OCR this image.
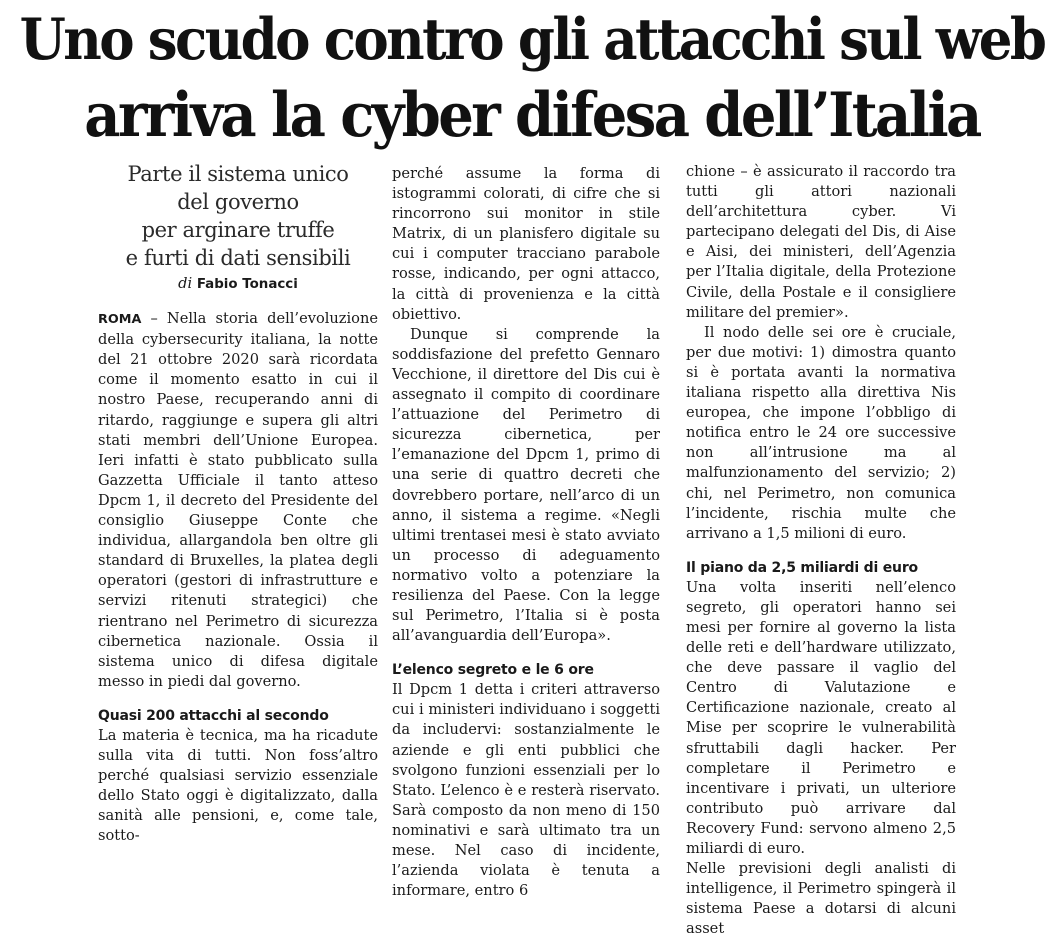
Uno scudo contro gli attacchi sul web
arriva la cyber difesa dell’Italia
Parte il sistema unico
del governo
per arginare truffe
e furti di dati sensibili
di Fabio Tonacci

ROMA – Nella storia dell’evoluzione della cybersecurity italiana, la notte del 21 ottobre 2020 sarà ricordata come il momento esatto in cui il nostro Paese, recuperando anni di ritardo, raggiunge e supera gli altri stati membri dell’Unione Europea. Ieri infatti è stato pubblicato sulla Gazzetta Ufficiale il tanto atteso Dpcm 1, il decreto del Presidente del consiglio Giuseppe Conte che individua, allargandola ben oltre gli standard di Bruxelles, la platea degli operatori (gestori di infrastrutture e servizi ritenuti strategici) che rientrano nel Perimetro di sicurezza cibernetica nazionale. Ossia il sistema unico di difesa digitale messo in piedi dal governo.

Quasi 200 attacchi al secondo

La materia è tecnica, ma ha ricadute sulla vita di tutti. Non foss’altro perché qualsiasi servizio essenziale dello Stato oggi è digitalizzato, dalla sanità alle pensioni, e, come tale, sotto-

perché assume la forma di istogrammi colorati, di cifre che si rincorrono sui monitor in stile Matrix, di un planisfero digitale su cui i computer tracciano parabole rosse, indicando, per ogni attacco, la città di provenienza e la città obiettivo.

Dunque si comprende la soddisfazione del prefetto Gennaro Vecchione, il direttore del Dis cui è assegnato il compito di coordinare l’attuazione del Perimetro di sicurezza cibernetica, per l’emanazione del Dpcm 1, primo di una serie di quattro decreti che dovrebbero portare, nell’arco di un anno, il sistema a regime. «Negli ultimi trentasei mesi è stato avviato un processo di adeguamento normativo volto a potenziare la resilienza del Paese. Con la legge sul Perimetro, l’Italia si è posta all’avanguardia dell’Europa».

L’elenco segreto e le 6 ore

Il Dpcm 1 detta i criteri attraverso cui i ministeri individuano i soggetti da includervi: sostanzialmente le aziende e gli enti pubblici che svolgono funzioni essenziali per lo Stato. L’elenco è e resterà riservato. Sarà composto da non meno di 150 nominativi e sarà ultimato tra un mese. Nel caso di incidente, l’azienda violata è tenuta a informare, entro 6

chione – è assicurato il raccordo tra tutti gli attori nazionali dell’architettura cyber. Vi partecipano delegati del Dis, di Aise e Aisi, dei ministeri, dell’Agenzia per l’Italia digitale, della Protezione Civile, della Postale e il consigliere militare del premier».

Il nodo delle sei ore è cruciale, per due motivi: 1) dimostra quanto si è portata avanti la normativa italiana rispetto alla direttiva Nis europea, che impone l’obbligo di notifica entro le 24 ore successive non all’intrusione ma al malfunzionamento del servizio; 2) chi, nel Perimetro, non comunica l’incidente, rischia multe che arrivano a 1,5 milioni di euro.

Il piano da 2,5 miliardi di euro

Una volta inseriti nell’elenco segreto, gli operatori hanno sei mesi per fornire al governo la lista delle reti e dell’hardware utilizzato, che deve passare il vaglio del Centro di Valutazione e Certificazione nazionale, creato al Mise per scoprire le vulnerabilità sfruttabili dagli hacker. Per completare il Perimetro e incentivare i privati, un ulteriore contributo può arrivare dal Recovery Fund: servono almeno 2,5 miliardi di euro.

Nelle previsioni degli analisti di intelligence, il Perimetro spingerà il sistema Paese a dotarsi di alcuni asset
